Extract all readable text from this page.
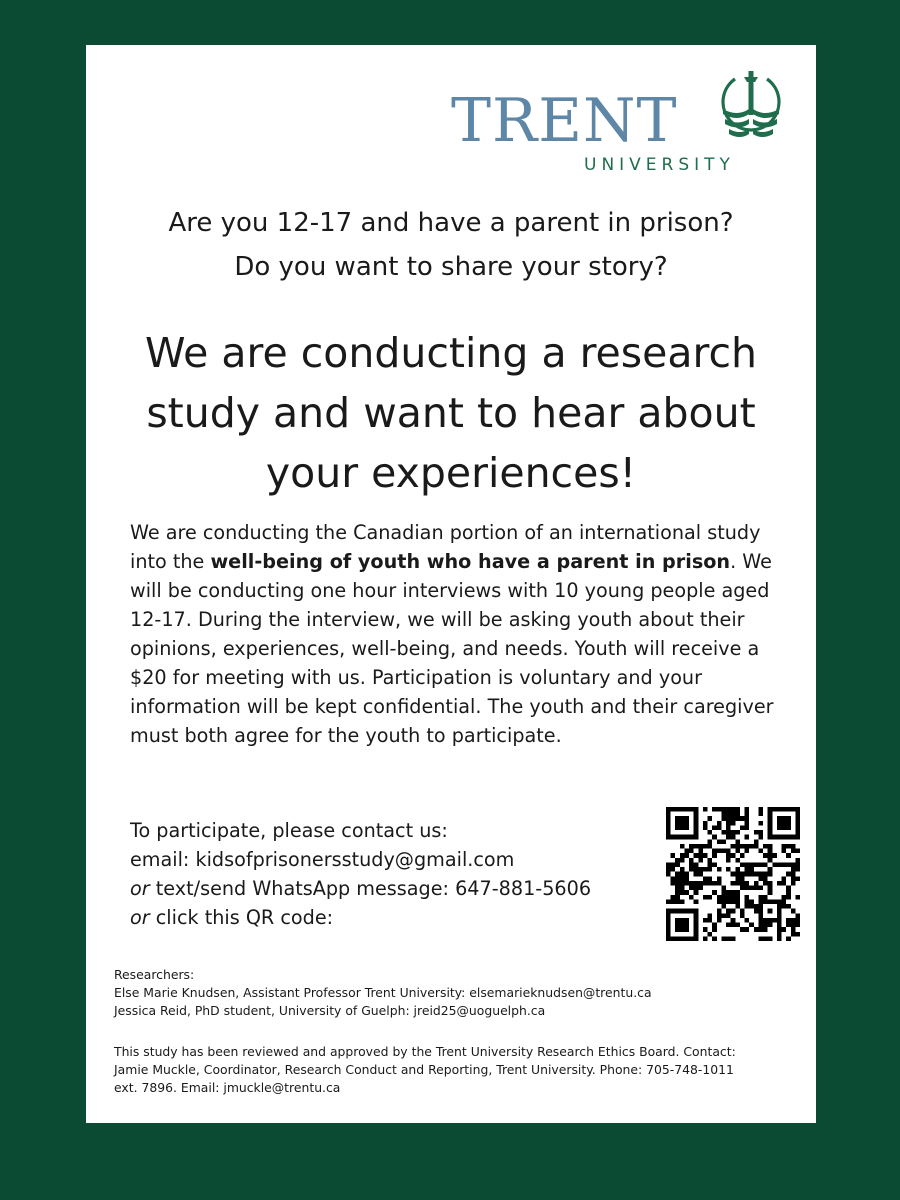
TRENT
UNIVERSITY
Are you 12-17 and have a parent in prison?
Do you want to share your story?
We are conducting a research study and want to hear about your experiences!

We are conducting the Canadian portion of an international study into the well-being of youth who have a parent in prison. We will be conducting one hour interviews with 10 young people aged 12-17. During the interview, we will be asking youth about their opinions, experiences, well-being, and needs. Youth will receive a $20 for meeting with us. Participation is voluntary and your information will be kept confidential. The youth and their caregiver must both agree for the youth to participate.

To participate, please contact us:
email: kidsofprisonersstudy@gmail.com
or text/send WhatsApp message: 647-881-5606
or click this QR code:
Researchers:
Else Marie Knudsen, Assistant Professor Trent University: elsemarieknudsen@trentu.ca
Jessica Reid, PhD student, University of Guelph: jreid25@uoguelph.ca
This study has been reviewed and approved by the Trent University Research Ethics Board. Contact:
Jamie Muckle, Coordinator, Research Conduct and Reporting, Trent University. Phone: 705-748-1011
ext. 7896. Email: jmuckle@trentu.ca
